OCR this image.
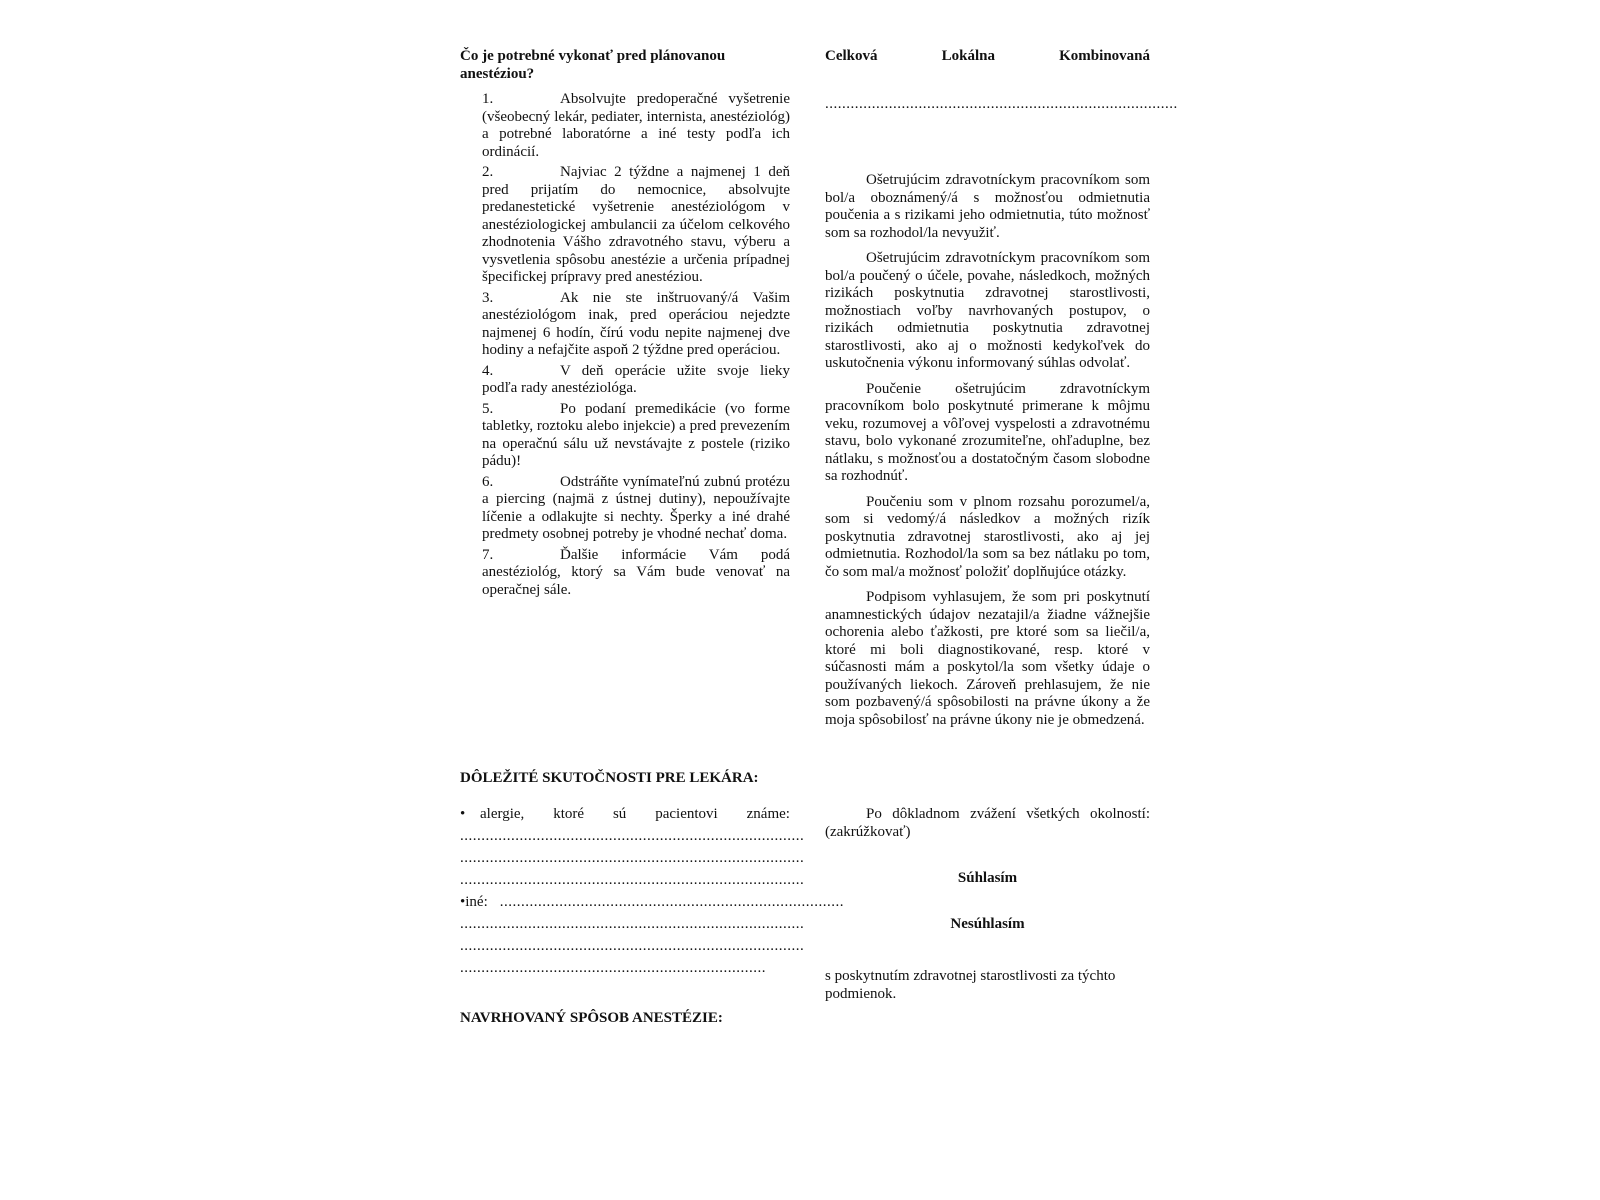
Čo je potrebné vykonať pred plánovanou anestéziou?

1.	Absolvujte predoperačné vyšetrenie (všeobecný lekár, pediater, internista, anestéziológ) a potrebné laboratórne a iné testy podľa ich ordinácií.
2.	Najviac 2 týždne a najmenej 1 deň pred prijatím do nemocnice, absolvujte predanestetické vyšetrenie anestéziológom v anestéziologickej ambulancii za účelom celkového zhodnotenia Vášho zdravotného stavu, výberu a vysvetlenia spôsobu anestézie a určenia prípadnej špecifickej prípravy pred anestéziou.
3.	Ak nie ste inštruovaný/á Vašim anestéziológom inak, pred operáciou nejedzte najmenej 6 hodín, čírú vodu nepite najmenej dve hodiny a nefajčite aspoň 2 týždne pred operáciou.
4.	V deň operácie užite svoje lieky podľa rady anestéziológa.
5.	Po podaní premedikácie (vo forme tabletky, roztoku alebo injekcie) a pred prevezením na operačnú sálu už nevstávajte z postele (riziko pádu)!
6.	Odstráňte vynímateľnú zubnú protézu a piercing (najmä z ústnej dutiny), nepoužívajte líčenie a odlakujte si nechty. Šperky a iné drahé predmety osobnej potreby je vhodné nechať doma.
7.	Ďalšie informácie Vám podá anestéziológ, ktorý sa Vám bude venovať na operačnej sále.
DÔLEŽITÉ SKUTOČNOSTI PRE LEKÁRA:
• alergie, ktoré sú pacientovi známe:
.................................................................................
.................................................................................
.................................................................................
• iné: .................................................................................
.................................................................................
.................................................................................
........................................................................
NAVRHOVANÝ SPÔSOB ANESTÉZIE:
Celková	Lokálna	Kombinovaná
...................................................................................

Ošetrujúcim zdravotníckym pracovníkom som bol/a oboznámený/á s možnosťou odmietnutia poučenia a s rizikami jeho odmietnutia, túto možnosť som sa rozhodol/la nevyužiť.

Ošetrujúcim zdravotníckym pracovníkom som bol/a poučený o účele, povahe, následkoch, možných rizikách poskytnutia zdravotnej starostlivosti, možnostiach voľby navrhovaných postupov, o rizikách odmietnutia poskytnutia zdravotnej starostlivosti, ako aj o možnosti kedykoľvek do uskutočnenia výkonu informovaný súhlas odvolať.

Poučenie ošetrujúcim zdravotníckym pracovníkom bolo poskytnuté primerane k môjmu veku, rozumovej a vôľovej vyspelosti a zdravotnému stavu, bolo vykonané zrozumiteľne, ohľaduplne, bez nátlaku, s možnosťou a dostatočným časom slobodne sa rozhodnúť.

Poučeniu som v plnom rozsahu porozumel/a, som si vedomý/á následkov a možných rizík poskytnutia zdravotnej starostlivosti, ako aj jej odmietnutia. Rozhodol/la som sa bez nátlaku po tom, čo som mal/a možnosť položiť doplňujúce otázky.

Podpisom vyhlasujem, že som pri poskytnutí anamnestických údajov nezatajil/a žiadne vážnejšie ochorenia alebo ťažkosti, pre ktoré som sa liečil/a, ktoré mi boli diagnostikované, resp. ktoré v súčasnosti mám a poskytol/la som všetky údaje o používaných liekoch. Zároveň prehlasujem, že nie som pozbavený/á spôsobilosti na právne úkony a že moja spôsobilosť na právne úkony nie je obmedzená.

Po dôkladnom zvážení všetkých okolností: (zakrúžkovať)

Súhlasím
Nesúhlasím

s poskytnutím zdravotnej starostlivosti za týchto podmienok.
